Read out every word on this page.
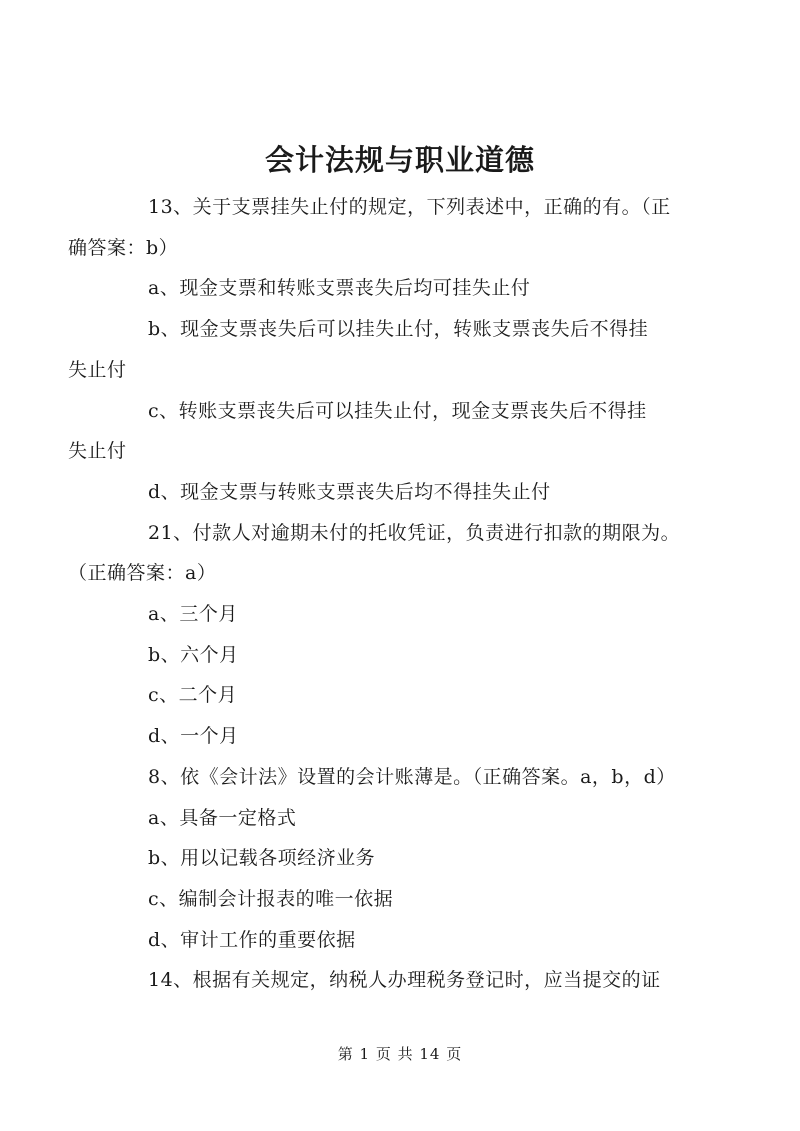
会计法规与职业道德

13、关于支票挂失止付的规定，下列表述中，正确的有。（正
确答案：b）

a、现金支票和转账支票丧失后均可挂失止付

b、现金支票丧失后可以挂失止付，转账支票丧失后不得挂
失止付

c、转账支票丧失后可以挂失止付，现金支票丧失后不得挂
失止付

d、现金支票与转账支票丧失后均不得挂失止付

21、付款人对逾期未付的托收凭证，负责进行扣款的期限为。
（正确答案：a）

a、三个月

b、六个月

c、二个月

d、一个月

8、依《会计法》设置的会计账薄是。（正确答案。a，b，d）

a、具备一定格式

b、用以记载各项经济业务

c、编制会计报表的唯一依据

d、审计工作的重要依据

14、根据有关规定，纳税人办理税务登记时，应当提交的证

第 1 页 共 14 页
